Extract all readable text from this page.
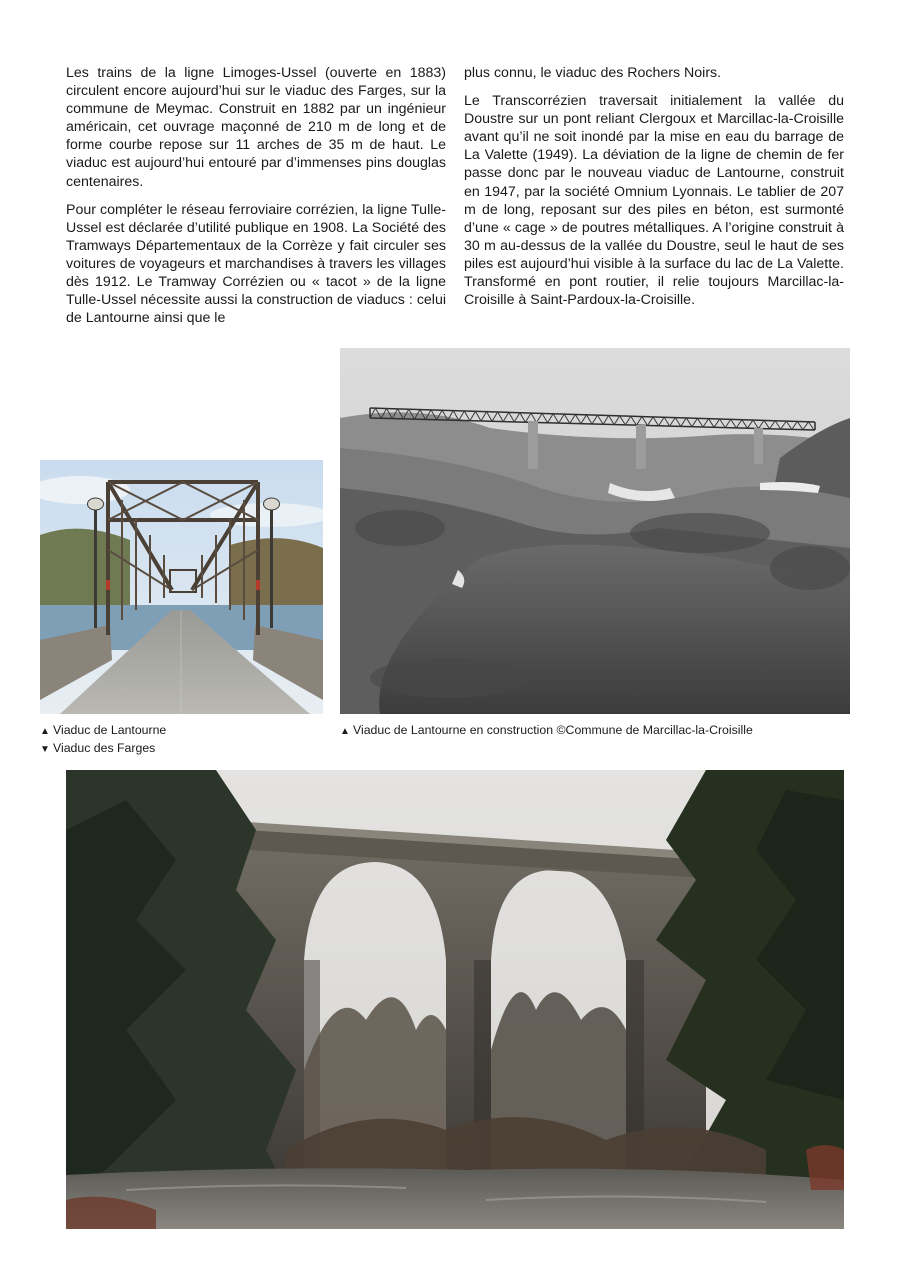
Les trains de la ligne Limoges-Ussel (ouverte en 1883) circulent encore aujourd’hui sur le viaduc des Farges, sur la commune de Meymac. Construit en 1882 par un ingénieur américain, cet ouvrage maçonné de 210 m de long et de forme courbe repose sur 11 arches de 35 m de haut. Le viaduc est aujourd’hui entouré par d’immenses pins douglas centenaires.

Pour compléter le réseau ferroviaire corrézien, la ligne Tulle-Ussel est déclarée d’utilité publique en 1908. La Société des Tramways Départementaux de la Corrèze y fait circuler ses voitures de voyageurs et marchandises à travers les villages dès 1912. Le Tramway Corrézien ou « tacot » de la ligne Tulle-Ussel nécessite aussi la construction de viaducs : celui de Lantourne ainsi que le

plus connu, le viaduc des Rochers Noirs.

Le Transcorrézien traversait initialement la vallée du Doustre sur un pont reliant Clergoux et Marcillac-la-Croisille avant qu’il ne soit inondé par la mise en eau du barrage de La Valette (1949). La déviation de la ligne de chemin de fer passe donc par le nouveau viaduc de Lantourne, construit en 1947, par la société Omnium Lyonnais. Le tablier de 207 m de long, reposant sur des piles en béton, est surmonté d’une « cage » de poutres métalliques. A l’origine construit à 30 m au-dessus de la vallée du Doustre, seul le haut de ses piles est aujourd’hui visible à la surface du lac de La Valette. Transformé en pont routier, il relie toujours Marcillac-la-Croisille à Saint-Pardoux-la-Croisille.

▲ Viaduc de Lantourne
▼ Viaduc des Farges
▲ Viaduc de Lantourne en construction ©Commune de Marcillac-la-Croisille
